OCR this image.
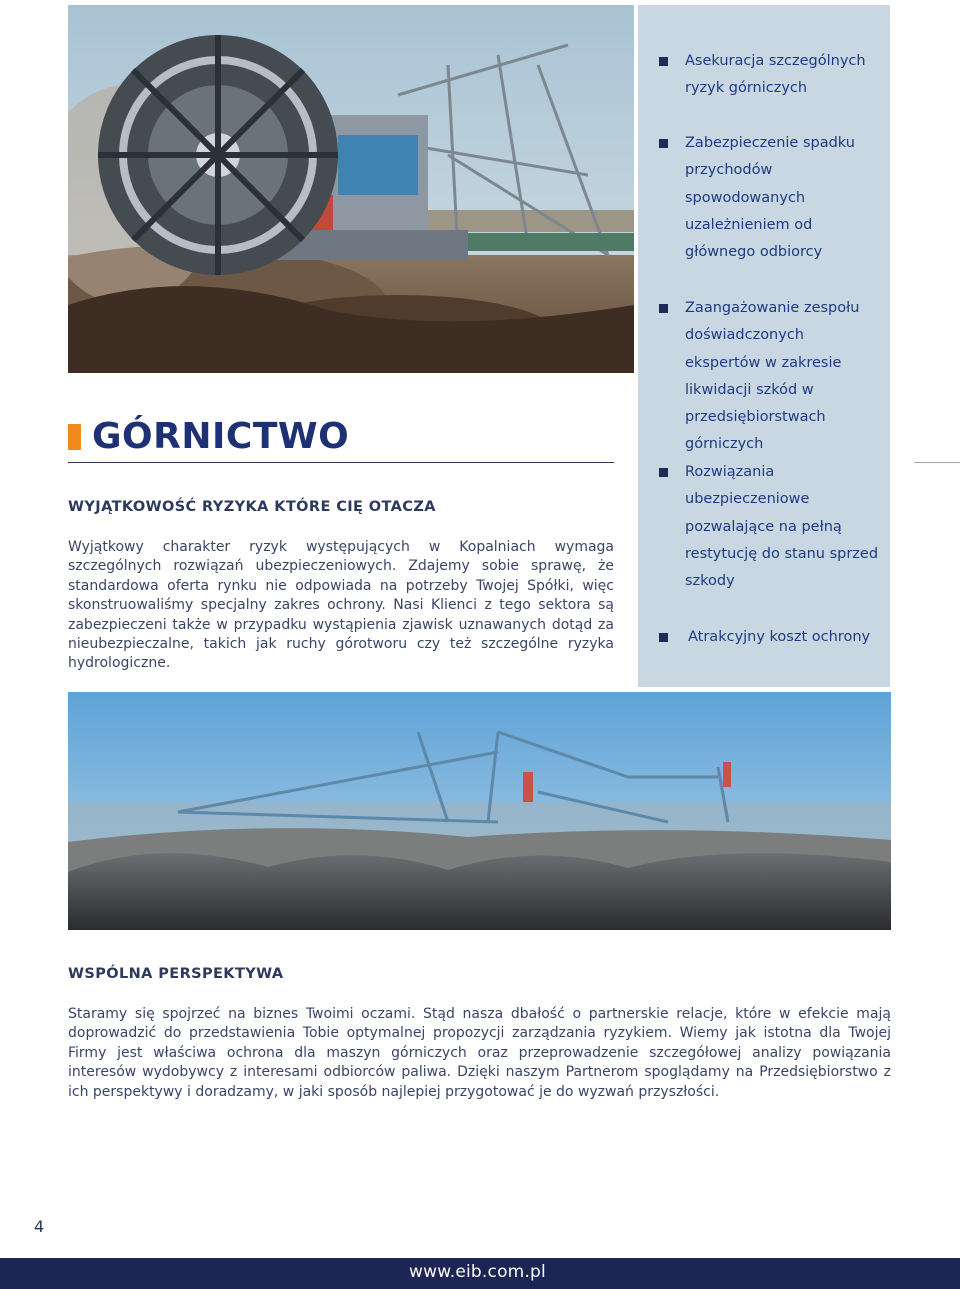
Asekuracja szczególnych ryzyk górniczych
Zabezpieczenie spadku przychodów spowodowanych uzależnieniem od głównego odbiorcy
Zaangażowanie zespołu doświadczonych ekspertów w zakresie likwidacji szkód w przedsiębiorstwach górniczych
Rozwiązania ubezpieczeniowe pozwalające na pełną restytucję do stanu sprzed szkody
Atrakcyjny koszt ochrony
GÓRNICTWO
WYJĄTKOWOŚĆ RYZYKA KTÓRE CIĘ OTACZA

Wyjątkowy charakter ryzyk występujących w Kopalniach wymaga szczególnych rozwiązań ubezpieczeniowych. Zdajemy sobie sprawę, że standardowa oferta rynku nie odpowiada na potrzeby Twojej Spółki, więc skonstruowaliśmy specjalny zakres ochrony. Nasi Klienci z tego sektora są zabezpieczeni także w przypadku wystąpienia zjawisk uznawanych dotąd za nieubezpieczalne, takich jak ruchy górotworu czy też szczególne ryzyka hydrologiczne.

WSPÓLNA PERSPEKTYWA

Staramy się spojrzeć na biznes Twoimi oczami. Stąd nasza dbałość o partnerskie relacje, które w efekcie mają doprowadzić do przedstawienia Tobie optymalnej propozycji zarządzania ryzykiem. Wiemy jak istotna dla Twojej Firmy jest właściwa ochrona dla maszyn górniczych oraz przeprowadzenie szczegółowej analizy powiązania interesów wydobywcy z interesami odbiorców paliwa. Dzięki naszym Partnerom spoglądamy na Przedsiębiorstwo z ich perspektywy i doradzamy, w jaki sposób najlepiej przygotować je do wyzwań przyszłości.

4
www.eib.com.pl
